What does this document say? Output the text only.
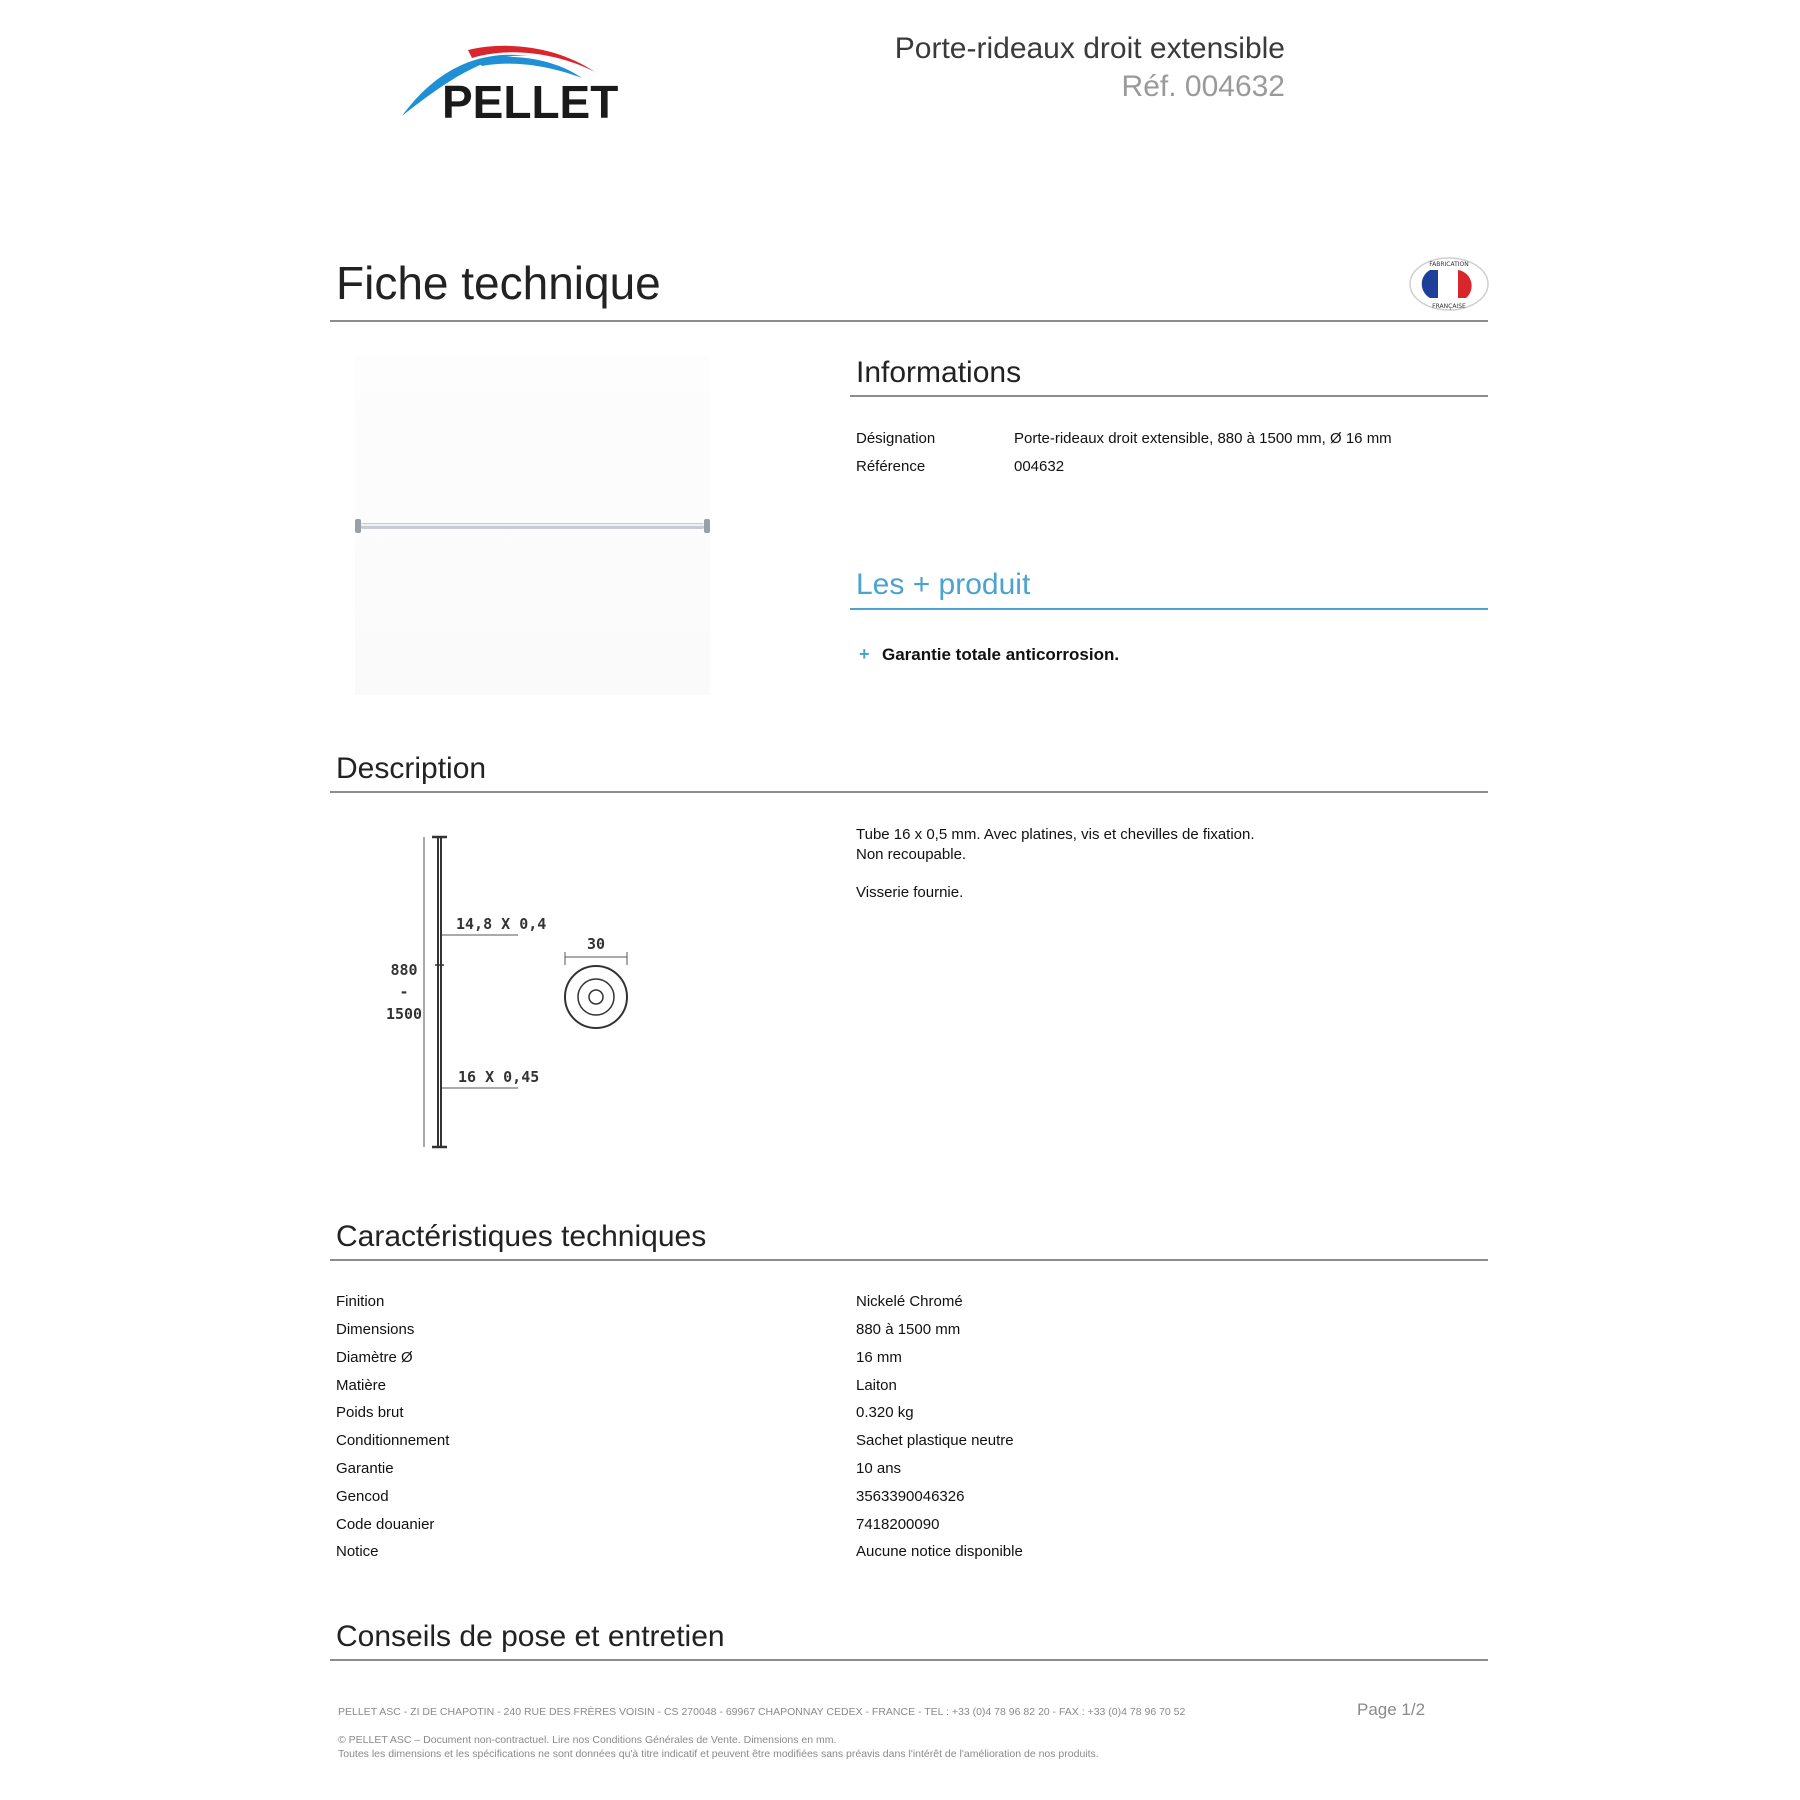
PELLET
Porte-rideaux droit extensible
Réf. 004632
Fiche technique	FABRICATION
FRANÇAISE
Informations
Désignation	Porte-rideaux droit extensible, 880 à 1500 mm, Ø 16 mm
Référence	004632
Les + produit
+ Garantie totale anticorrosion.
Description
880
-
1500
14,8 X 0,4
16 X 0,45
30
Tube 16 x 0,5 mm. Avec platines, vis et chevilles de fixation.
Non recoupable.
Visserie fournie.
Caractéristiques techniques
Finition	Nickelé Chromé
Dimensions	880 à 1500 mm
Diamètre Ø	16 mm
Matière	Laiton
Poids brut	0.320 kg
Conditionnement	Sachet plastique neutre
Garantie	10 ans
Gencod	3563390046326
Code douanier	7418200090
Notice	Aucune notice disponible
Conseils de pose et entretien
PELLET ASC - ZI DE CHAPOTIN - 240 RUE DES FRÈRES VOISIN - CS 270048 - 69967 CHAPONNAY CEDEX - FRANCE - TEL : +33 (0)4 78 96 82 20 - FAX : +33 (0)4 78 96 70 52	Page 1/2
© PELLET ASC – Document non-contractuel. Lire nos Conditions Générales de Vente. Dimensions en mm.
Toutes les dimensions et les spécifications ne sont données qu'à titre indicatif et peuvent être modifiées sans préavis dans l'intérêt de l'amélioration de nos produits.
